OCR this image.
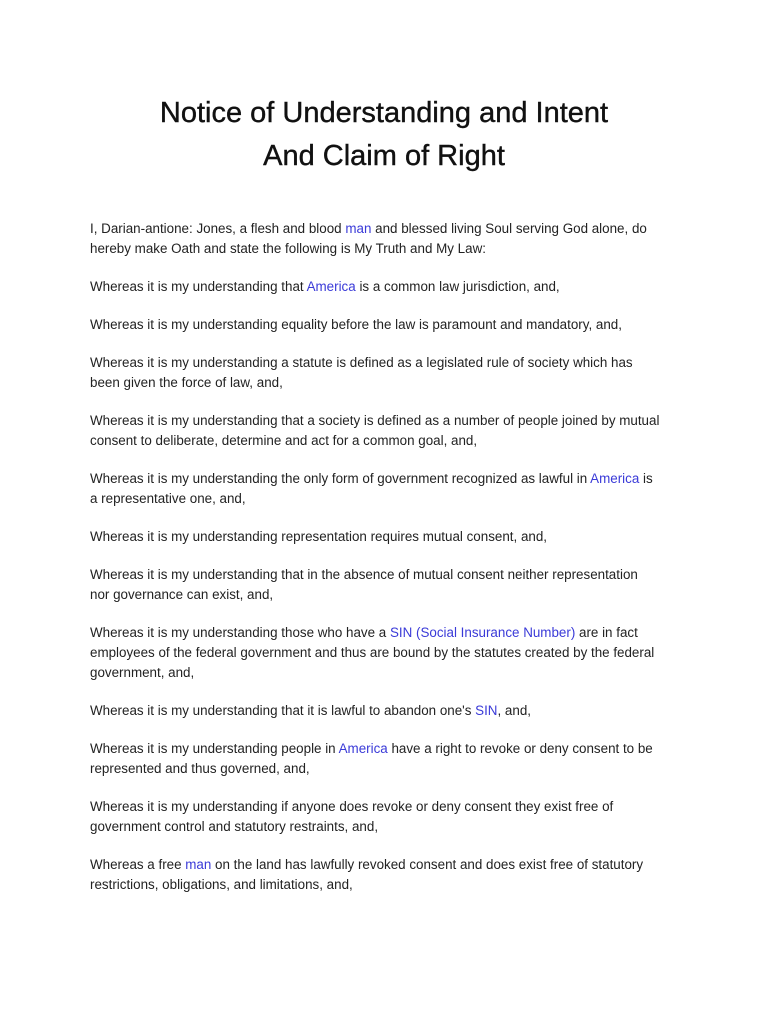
Notice of Understanding and Intent
And Claim of Right

I, Darian-antione: Jones, a flesh and blood man and blessed living Soul serving God alone, do
hereby make Oath and state the following is My Truth and My Law:

Whereas it is my understanding that America is a common law jurisdiction, and,

Whereas it is my understanding equality before the law is paramount and mandatory, and,

Whereas it is my understanding a statute is defined as a legislated rule of society which has
been given the force of law, and,

Whereas it is my understanding that a society is defined as a number of people joined by mutual
consent to deliberate, determine and act for a common goal, and,

Whereas it is my understanding the only form of government recognized as lawful in America is
a representative one, and,

Whereas it is my understanding representation requires mutual consent, and,

Whereas it is my understanding that in the absence of mutual consent neither representation
nor governance can exist, and,

Whereas it is my understanding those who have a SIN (Social Insurance Number) are in fact
employees of the federal government and thus are bound by the statutes created by the federal
government, and,

Whereas it is my understanding that it is lawful to abandon one's SIN, and,

Whereas it is my understanding people in America have a right to revoke or deny consent to be
represented and thus governed, and,

Whereas it is my understanding if anyone does revoke or deny consent they exist free of
government control and statutory restraints, and,

Whereas a free man on the land has lawfully revoked consent and does exist free of statutory
restrictions, obligations, and limitations, and,
